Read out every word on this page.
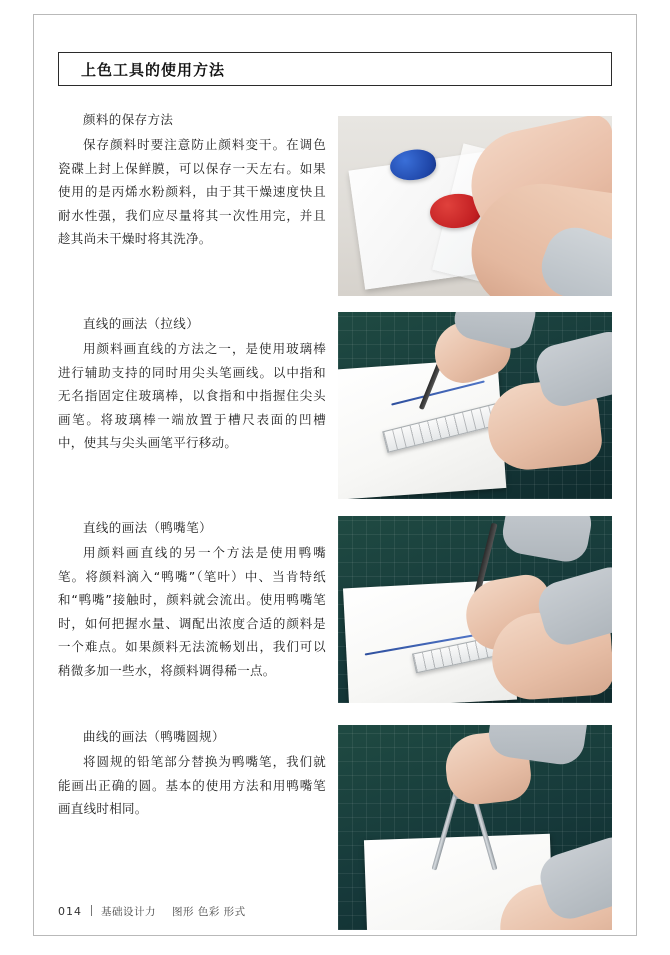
上色工具的使用方法

颜料的保存方法

保存颜料时要注意防止颜料变干。在调色瓷碟上封上保鲜膜，可以保存一天左右。如果使用的是丙烯水粉颜料，由于其干燥速度快且耐水性强，我们应尽量将其一次性用完，并且趁其尚未干燥时将其洗净。

直线的画法（拉线）

用颜料画直线的方法之一，是使用玻璃棒进行辅助支持的同时用尖头笔画线。以中指和无名指固定住玻璃棒，以食指和中指握住尖头画笔。将玻璃棒一端放置于槽尺表面的凹槽中，使其与尖头画笔平行移动。

直线的画法（鸭嘴笔）

用颜料画直线的另一个方法是使用鸭嘴笔。将颜料滴入“鸭嘴”（笔叶）中、当肯特纸和“鸭嘴”接触时，颜料就会流出。使用鸭嘴笔时，如何把握水量、调配出浓度合适的颜料是一个难点。如果颜料无法流畅划出，我们可以稍微多加一些水，将颜料调得稀一点。

曲线的画法（鸭嘴圆规）

将圆规的铅笔部分替换为鸭嘴笔，我们就能画出正确的圆。基本的使用方法和用鸭嘴笔画直线时相同。

014 基础设计力 图形 色彩 形式
